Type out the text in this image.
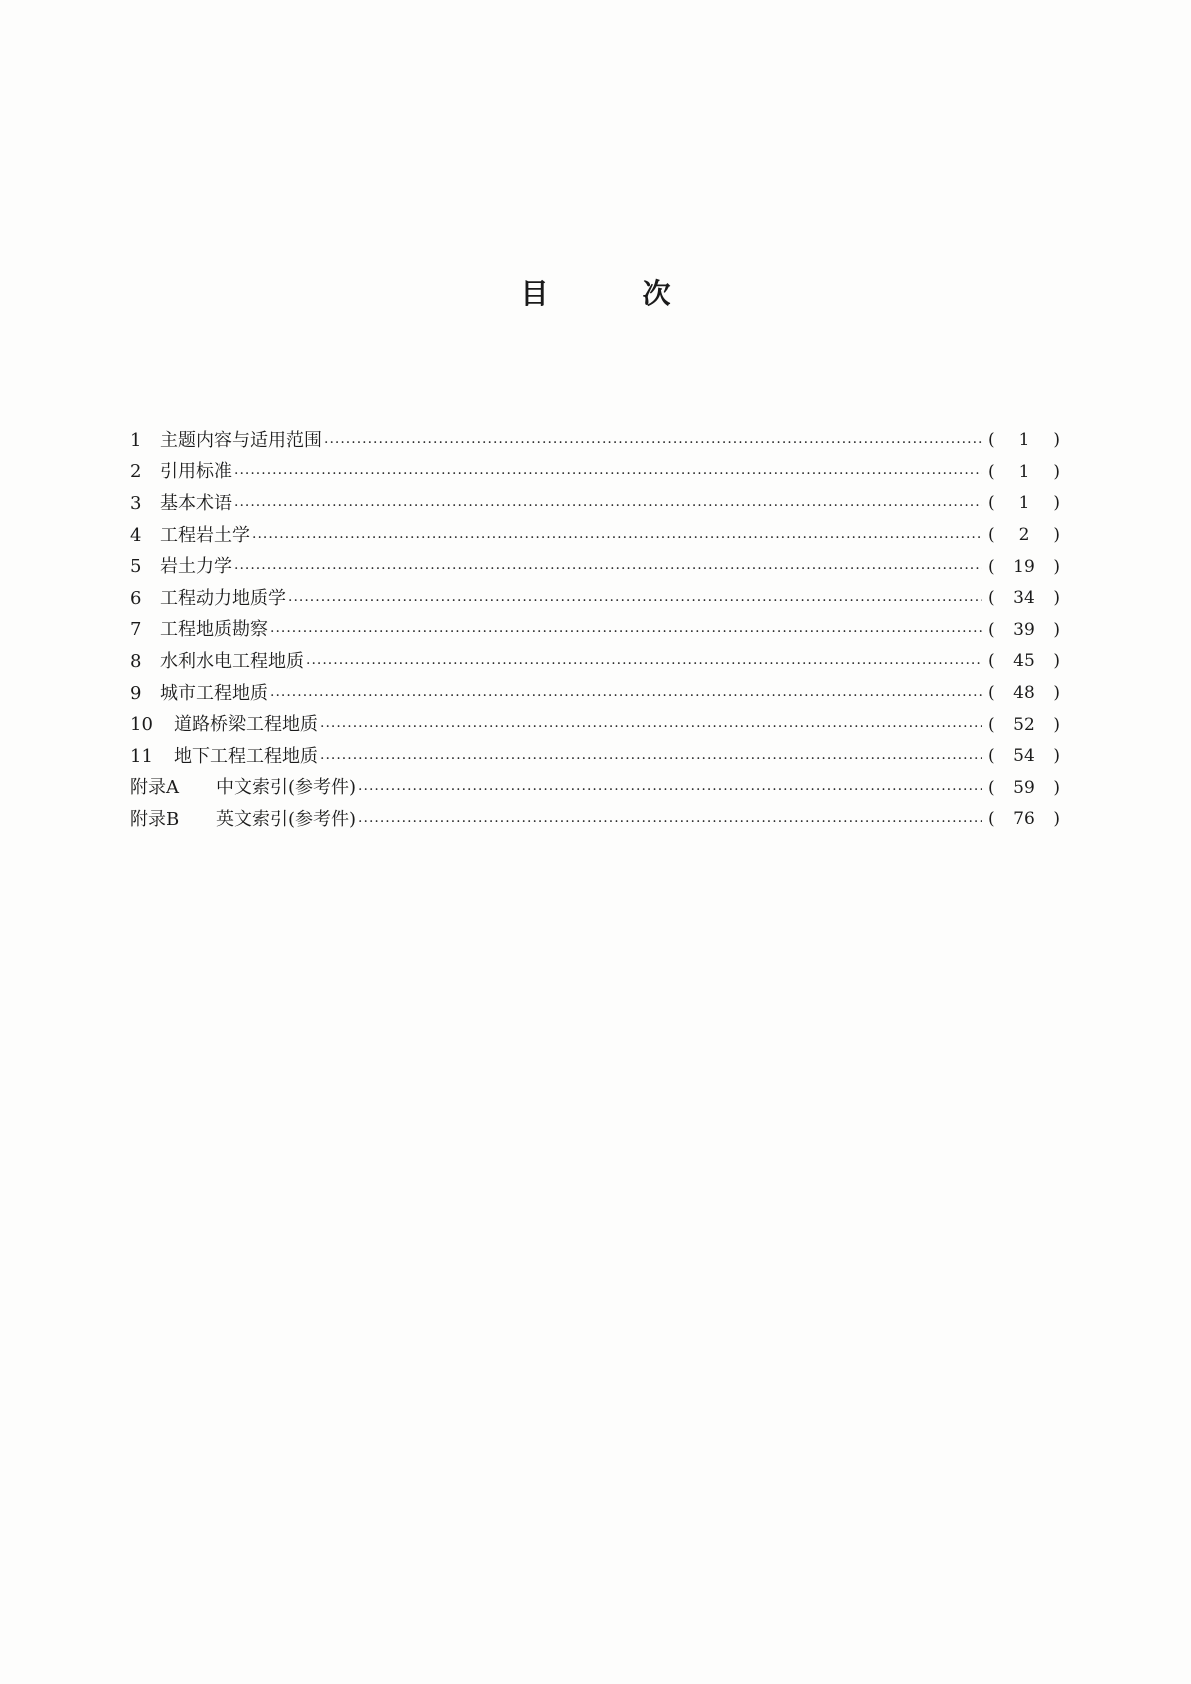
目	次
1	主题内容与适用范围 ·····	(	1	)
2	引用标准 ·····	(	1	)
3	基本术语 ·····	(	1	)
4	工程岩土学 ·····	(	2	)
5	岩土力学 ·····	(	19	)
6	工程动力地质学 ·····	(	34	)
7	工程地质勘察 ·····	(	39	)
8	水利水电工程地质 ·····	(	45	)
9	城市工程地质 ·····	(	48	)
10	道路桥梁工程地质 ·····	(	52	)
11	地下工程工程地质 ·····	(	54	)
附录A	中文索引(参考件) ·····	(	59	)
附录B	英文索引(参考件) ·····	(	76	)
